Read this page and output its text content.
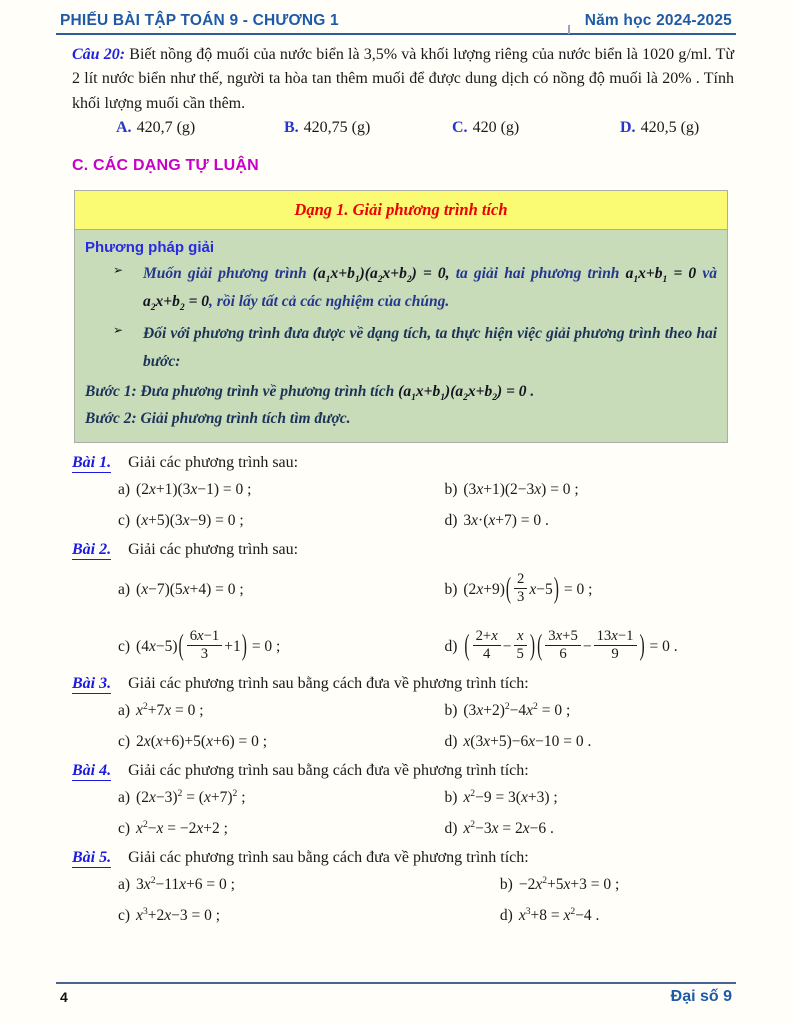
PHIẾU BÀI TẬP TOÁN 9 - CHƯƠNG 1	Năm học 2024-2025

Câu 20: Biết nồng độ muối của nước biển là 3,5% và khối lượng riêng của nước biển là 1020 g/ml. Từ 2 lít nước biển như thế, người ta hòa tan thêm muối để được dung dịch có nồng độ muối là 20% . Tính khối lượng muối cần thêm.

A. 420,7 (g)	B. 420,75 (g)	C. 420 (g)	D. 420,5 (g)
C. CÁC DẠNG TỰ LUẬN
Dạng 1. Giải phương trình tích
Phương pháp giải
➢	Muốn giải phương trình $(a_1x+b_1)(a_2x+b_2) = 0$, ta giải hai phương trình $a_1x+b_1 = 0$ và $a_2x+b_2 = 0$, rồi lấy tất cả các nghiệm của chúng.
➢	Đối với phương trình đưa được về dạng tích, ta thực hiện việc giải phương trình theo hai bước:
Bước 1: Đưa phương trình về phương trình tích $(a_1x+b_1)(a_2x+b_2) = 0$ .
Bước 2: Giải phương trình tích tìm được.
Bài 1. Giải các phương trình sau:
a) (2x+1)(3x−1) = 0 ;	b) (3x+1)(2−3x) = 0 ;
c) (x+5)(3x−9) = 0 ;	d) 3x·(x+7) = 0 .
Bài 2. Giải các phương trình sau:
a) (x−7)(5x+4) = 0 ;	b) $(2x+9)( \frac{2}{3} x-5) = 0$ ;
c) $(4x-5)( \frac{6x-1}{3} +1) = 0$ ;	d) ( $\frac{2+x}{4} - \frac{x}{5}$ ) ( $\frac{3x+5}{6} - \frac{13x-1}{9}$ ) = 0 .
Bài 3. Giải các phương trình sau bằng cách đưa về phương trình tích:
a) $x^2+7x = 0$ ;	b) $(3x+2)^2-4x^2 = 0$ ;
c) 2x(x+6)+5(x+6) = 0 ;	d) x(3x+5)−6x−10 = 0 .
Bài 4. Giải các phương trình sau bằng cách đưa về phương trình tích:
a) $(2x-3)^2 = (x+7)^2$ ;	b) $x^2-9 = 3(x+3)$ ;
c) $x^2-x = -2x+2$ ;	d) $x^2-3x = 2x-6$ .
Bài 5. Giải các phương trình sau bằng cách đưa về phương trình tích:
a) $3x^2-11x+6 = 0$ ;	$b) -2x^2+5x+3 = 0$ ;
c) $x^3+2x-3 = 0$ ;	d) $x^3+8 = x^2-4$ .
4	Đại số 9
